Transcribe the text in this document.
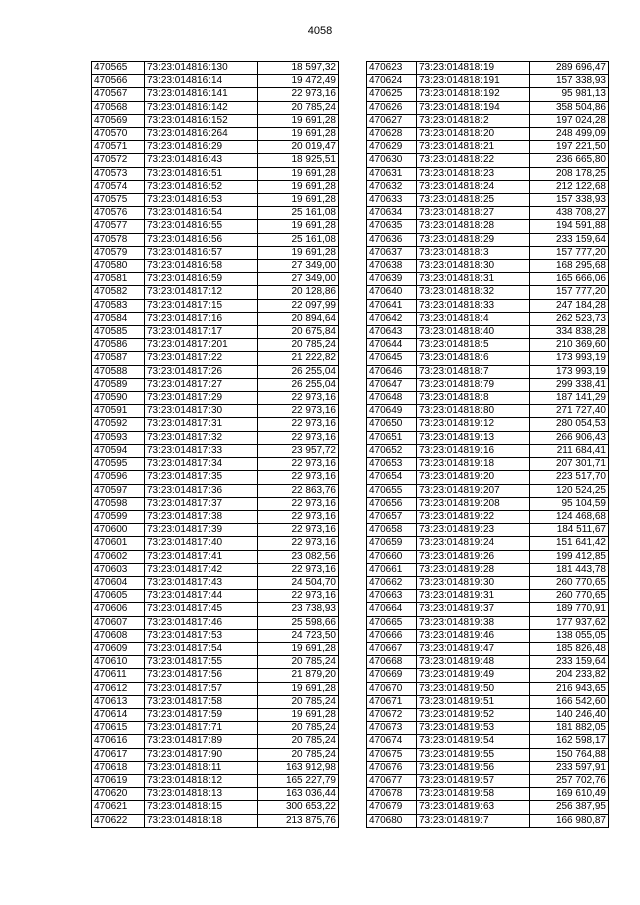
4058
470565	73:23:014816:130	18 597,32
470566	73:23:014816:14	19 472,49
470567	73:23:014816:141	22 973,16
470568	73:23:014816:142	20 785,24
470569	73:23:014816:152	19 691,28
470570	73:23:014816:264	19 691,28
470571	73:23:014816:29	20 019,47
470572	73:23:014816:43	18 925,51
470573	73:23:014816:51	19 691,28
470574	73:23:014816:52	19 691,28
470575	73:23:014816:53	19 691,28
470576	73:23:014816:54	25 161,08
470577	73:23:014816:55	19 691,28
470578	73:23:014816:56	25 161,08
470579	73:23:014816:57	19 691,28
470580	73:23:014816:58	27 349,00
470581	73:23:014816:59	27 349,00
470582	73:23:014817:12	20 128,86
470583	73:23:014817:15	22 097,99
470584	73:23:014817:16	20 894,64
470585	73:23:014817:17	20 675,84
470586	73:23:014817:201	20 785,24
470587	73:23:014817:22	21 222,82
470588	73:23:014817:26	26 255,04
470589	73:23:014817:27	26 255,04
470590	73:23:014817:29	22 973,16
470591	73:23:014817:30	22 973,16
470592	73:23:014817:31	22 973,16
470593	73:23:014817:32	22 973,16
470594	73:23:014817:33	23 957,72
470595	73:23:014817:34	22 973,16
470596	73:23:014817:35	22 973,16
470597	73:23:014817:36	22 863,76
470598	73:23:014817:37	22 973,16
470599	73:23:014817:38	22 973,16
470600	73:23:014817:39	22 973,16
470601	73:23:014817:40	22 973,16
470602	73:23:014817:41	23 082,56
470603	73:23:014817:42	22 973,16
470604	73:23:014817:43	24 504,70
470605	73:23:014817:44	22 973,16
470606	73:23:014817:45	23 738,93
470607	73:23:014817:46	25 598,66
470608	73:23:014817:53	24 723,50
470609	73:23:014817:54	19 691,28
470610	73:23:014817:55	20 785,24
470611	73:23:014817:56	21 879,20
470612	73:23:014817:57	19 691,28
470613	73:23:014817:58	20 785,24
470614	73:23:014817:59	19 691,28
470615	73:23:014817:71	20 785,24
470616	73:23:014817:89	20 785,24
470617	73:23:014817:90	20 785,24
470618	73:23:014818:11	163 912,98
470619	73:23:014818:12	165 227,79
470620	73:23:014818:13	163 036,44
470621	73:23:014818:15	300 653,22
470622	73:23:014818:18	213 875,76
470623	73:23:014818:19	289 696,47
470624	73:23:014818:191	157 338,93
470625	73:23:014818:192	95 981,13
470626	73:23:014818:194	358 504,86
470627	73:23:014818:2	197 024,28
470628	73:23:014818:20	248 499,09
470629	73:23:014818:21	197 221,50
470630	73:23:014818:22	236 665,80
470631	73:23:014818:23	208 178,25
470632	73:23:014818:24	212 122,68
470633	73:23:014818:25	157 338,93
470634	73:23:014818:27	438 708,27
470635	73:23:014818:28	194 591,88
470636	73:23:014818:29	233 159,64
470637	73:23:014818:3	157 777,20
470638	73:23:014818:30	168 295,68
470639	73:23:014818:31	165 666,06
470640	73:23:014818:32	157 777,20
470641	73:23:014818:33	247 184,28
470642	73:23:014818:4	262 523,73
470643	73:23:014818:40	334 838,28
470644	73:23:014818:5	210 369,60
470645	73:23:014818:6	173 993,19
470646	73:23:014818:7	173 993,19
470647	73:23:014818:79	299 338,41
470648	73:23:014818:8	187 141,29
470649	73:23:014818:80	271 727,40
470650	73:23:014819:12	280 054,53
470651	73:23:014819:13	266 906,43
470652	73:23:014819:16	211 684,41
470653	73:23:014819:18	207 301,71
470654	73:23:014819:20	223 517,70
470655	73:23:014819:207	120 524,25
470656	73:23:014819:208	95 104,59
470657	73:23:014819:22	124 468,68
470658	73:23:014819:23	184 511,67
470659	73:23:014819:24	151 641,42
470660	73:23:014819:26	199 412,85
470661	73:23:014819:28	181 443,78
470662	73:23:014819:30	260 770,65
470663	73:23:014819:31	260 770,65
470664	73:23:014819:37	189 770,91
470665	73:23:014819:38	177 937,62
470666	73:23:014819:46	138 055,05
470667	73:23:014819:47	185 826,48
470668	73:23:014819:48	233 159,64
470669	73:23:014819:49	204 233,82
470670	73:23:014819:50	216 943,65
470671	73:23:014819:51	166 542,60
470672	73:23:014819:52	140 246,40
470673	73:23:014819:53	181 882,05
470674	73:23:014819:54	162 598,17
470675	73:23:014819:55	150 764,88
470676	73:23:014819:56	233 597,91
470677	73:23:014819:57	257 702,76
470678	73:23:014819:58	169 610,49
470679	73:23:014819:63	256 387,95
470680	73:23:014819:7	166 980,87
